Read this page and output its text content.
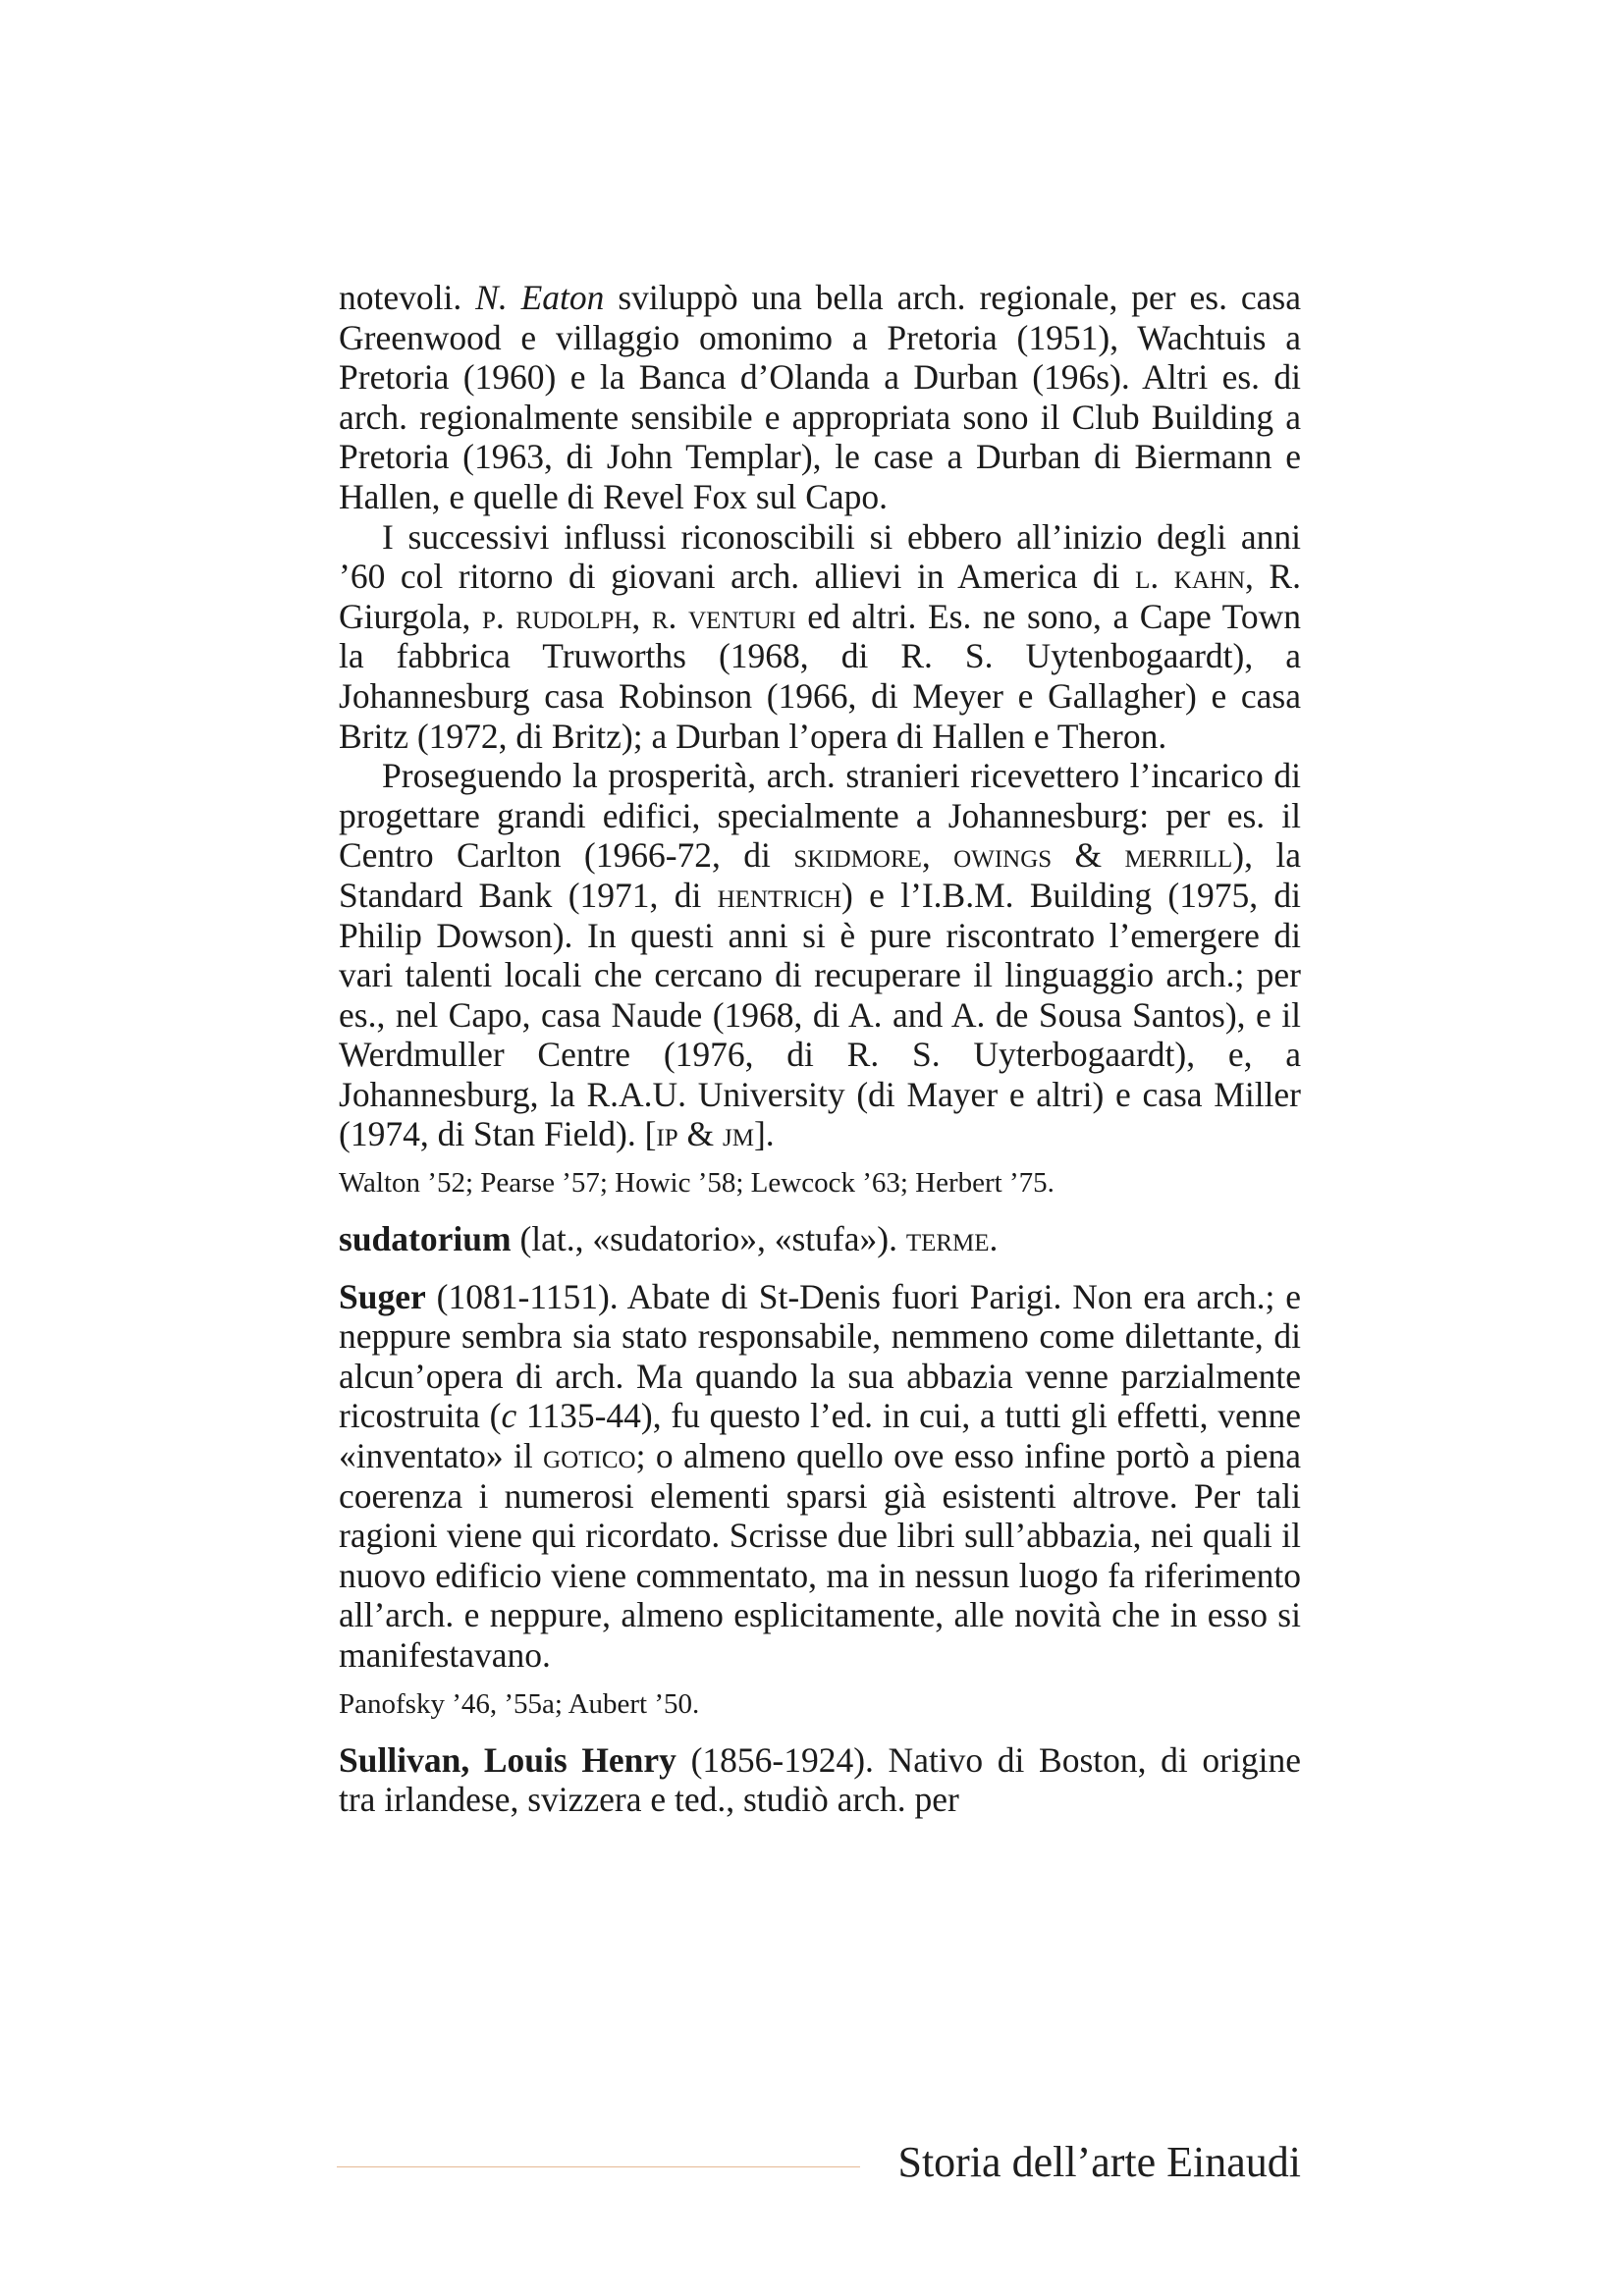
notevoli. N. Eaton sviluppò una bella arch. regionale, per es. casa Greenwood e villaggio omonimo a Pretoria (1951), Wachtuis a Pretoria (1960) e la Banca d’Olanda a Durban (196s). Altri es. di arch. regionalmente sensibile e appropriata sono il Club Building a Pretoria (1963, di John Templar), le case a Durban di Biermann e Hallen, e quelle di Revel Fox sul Capo.

I successivi influssi riconoscibili si ebbero all’inizio degli anni ’60 col ritorno di giovani arch. allievi in America di l. kahn, R. Giurgola, p. rudolph, r. venturi ed altri. Es. ne sono, a Cape Town la fabbrica Truworths (1968, di R. S. Uytenbogaardt), a Johannesburg casa Robinson (1966, di Meyer e Gallagher) e casa Britz (1972, di Britz); a Durban l’opera di Hallen e Theron.

Proseguendo la prosperità, arch. stranieri ricevettero l’incarico di progettare grandi edifici, specialmente a Johannesburg: per es. il Centro Carlton (1966-72, di skidmore, owings & merrill), la Standard Bank (1971, di hentrich) e l’I.B.M. Building (1975, di Philip Dowson). In questi anni si è pure riscontrato l’emergere di vari talenti locali che cercano di recuperare il linguaggio arch.; per es., nel Capo, casa Naude (1968, di A. and A. de Sousa Santos), e il Werdmuller Centre (1976, di R. S. Uyterbogaardt), e, a Johannesburg, la R.A.U. University (di Mayer e altri) e casa Miller (1974, di Stan Field). [ip & jm].

Walton ’52; Pearse ’57; Howic ’58; Lewcock ’63; Herbert ’75.

sudatorium (lat., «sudatorio», «stufa»). terme.

Suger (1081-1151). Abate di St-Denis fuori Parigi. Non era arch.; e neppure sembra sia stato responsabile, nemmeno come dilettante, di alcun’opera di arch. Ma quando la sua abbazia venne parzialmente ricostruita (c 1135-44), fu questo l’ed. in cui, a tutti gli effetti, venne «inventato» il gotico; o almeno quello ove esso infine portò a piena coerenza i numerosi elementi sparsi già esistenti altrove. Per tali ragioni viene qui ricordato. Scrisse due libri sull’abbazia, nei quali il nuovo edificio viene commentato, ma in nessun luogo fa riferimento all’arch. e neppure, almeno esplicitamente, alle novità che in esso si manifestavano.

Panofsky ’46, ’55a; Aubert ’50.

Sullivan, Louis Henry (1856-1924). Nativo di Boston, di origine tra irlandese, svizzera e ted., studiò arch. per

Storia dell’arte Einaudi
